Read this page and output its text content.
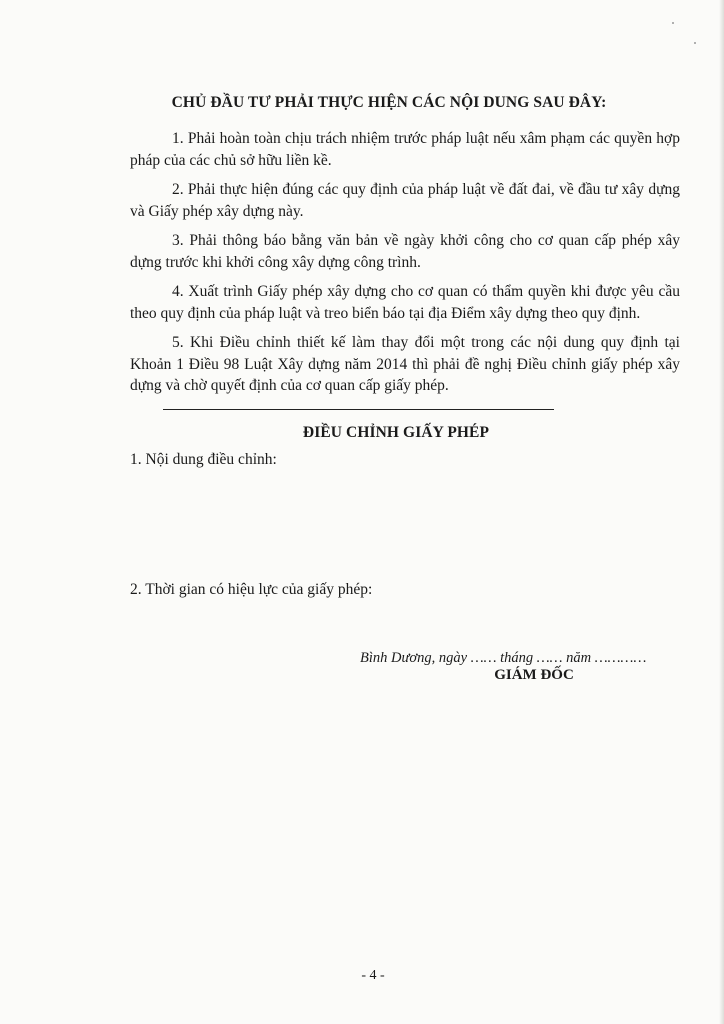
CHỦ ĐẦU TƯ PHẢI THỰC HIỆN CÁC NỘI DUNG SAU ĐÂY:

1. Phải hoàn toàn chịu trách nhiệm trước pháp luật nếu xâm phạm các quyền hợp pháp của các chủ sở hữu liền kề.

2. Phải thực hiện đúng các quy định của pháp luật về đất đai, về đầu tư xây dựng và Giấy phép xây dựng này.

3. Phải thông báo bằng văn bản về ngày khởi công cho cơ quan cấp phép xây dựng trước khi khởi công xây dựng công trình.

4. Xuất trình Giấy phép xây dựng cho cơ quan có thẩm quyền khi được yêu cầu theo quy định của pháp luật và treo biển báo tại địa Điểm xây dựng theo quy định.

5. Khi Điều chỉnh thiết kế làm thay đổi một trong các nội dung quy định tại Khoản 1 Điều 98 Luật Xây dựng năm 2014 thì phải đề nghị Điều chỉnh giấy phép xây dựng và chờ quyết định của cơ quan cấp giấy phép.

ĐIỀU CHỈNH GIẤY PHÉP
1. Nội dung điều chỉnh:
2. Thời gian có hiệu lực của giấy phép:
Bình Dương, ngày …… tháng …… năm …………
GIÁM ĐỐC
- 4 -
